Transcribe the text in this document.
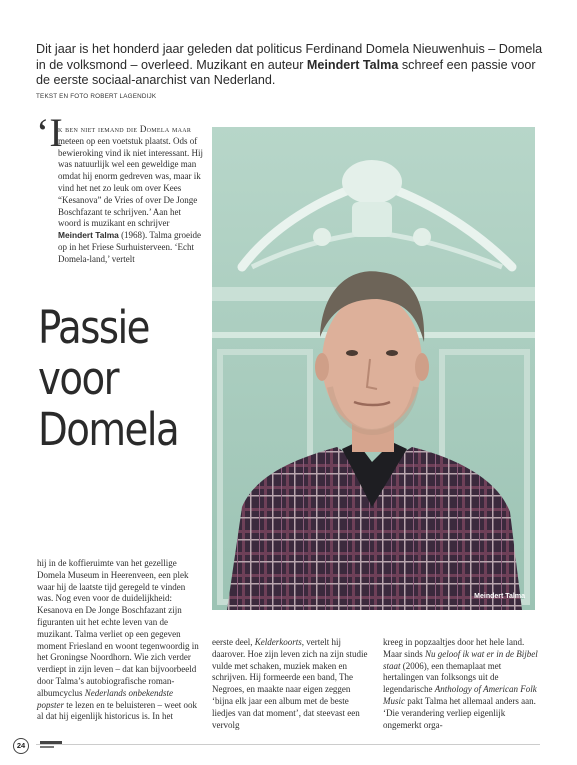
Dit jaar is het honderd jaar geleden dat politicus Ferdinand Domela Nieuwenhuis – Domela in de volksmond – overleed. Muzikant en auteur Meindert Talma schreef een passie voor de eerste sociaal-anarchist van Nederland.
TEKST EN FOTO ROBERT LAGENDIJK
‘I

k ben niet iemand die Domela maar meteen op een voetstuk plaatst. Ods of bewieroking vind ik niet interessant. Hij was natuurlijk wel een geweldige man omdat hij enorm gedreven was, maar ik vind het net zo leuk om over Kees “Kesanova” de Vries of over De Jonge Boschfazant te schrijven.’ Aan het woord is muzikant en schrijver Meindert Talma (1968). Talma groeide op in het Friese Surhuisterveen. ‘Echt Domela-land,’ vertelt

Passie
voor
Domela
Meindert Talma

hij in de koffieruimte van het gezellige Domela Museum in Heerenveen, een plek waar hij de laatste tijd geregeld te vinden was. Nog even voor de duidelijkheid: Kesanova en De Jonge Boschfazant zijn figuranten uit het echte leven van de muzikant. Talma verliet op een gegeven moment Friesland en woont tegenwoordig in het Groningse Noordhorn. Wie zich verder verdiept in zijn leven – dat kan bijvoorbeeld door Talma’s autobiografische roman-albumcyclus Nederlands onbekendste popster te lezen en te beluisteren – weet ook al dat hij eigenlijk historicus is. In het

eerste deel, Kelderkoorts, vertelt hij daarover. Hoe zijn leven zich na zijn studie vulde met schaken, muziek maken en schrijven. Hij formeerde een band, The Negroes, en maakte naar eigen zeggen ‘bijna elk jaar een album met de beste liedjes van dat moment’, dat steevast een vervolg

kreeg in popzaaltjes door het hele land. Maar sinds Nu geloof ik wat er in de Bijbel staat (2006), een themaplaat met hertalingen van folksongs uit de legendarische Anthology of American Folk Music pakt Talma het allemaal anders aan. ‘Die verandering verliep eigenlijk ongemerkt orga-

24
